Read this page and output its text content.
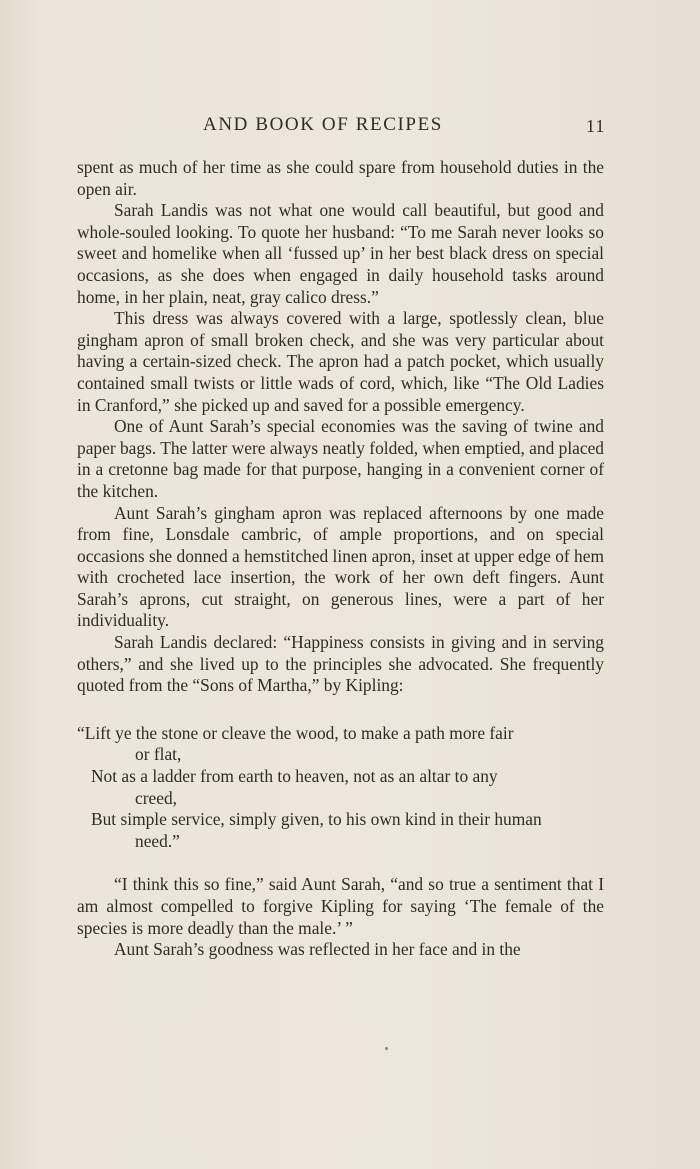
AND BOOK OF RECIPES	11

spent as much of her time as she could spare from household duties in the open air.

Sarah Landis was not what one would call beautiful, but good and whole-souled looking. To quote her husband: “To me Sarah never looks so sweet and homelike when all ‘fussed up’ in her best black dress on special occasions, as she does when engaged in daily household tasks around home, in her plain, neat, gray calico dress.”

This dress was always covered with a large, spotlessly clean, blue gingham apron of small broken check, and she was very particular about having a certain-sized check. The apron had a patch pocket, which usually contained small twists or little wads of cord, which, like “The Old Ladies in Cranford,” she picked up and saved for a possible emergency.

One of Aunt Sarah’s special economies was the saving of twine and paper bags. The latter were always neatly folded, when emptied, and placed in a cretonne bag made for that purpose, hanging in a convenient corner of the kitchen.

Aunt Sarah’s gingham apron was replaced afternoons by one made from fine, Lonsdale cambric, of ample proportions, and on special occasions she donned a hemstitched linen apron, inset at upper edge of hem with crocheted lace insertion, the work of her own deft fingers. Aunt Sarah’s aprons, cut straight, on generous lines, were a part of her individuality.

Sarah Landis declared: “Happiness consists in giving and in serving others,” and she lived up to the principles she advocated. She frequently quoted from the “Sons of Martha,” by Kipling:

“Lift ye the stone or cleave the wood, to make a path more fair
or flat,
Not as a ladder from earth to heaven, not as an altar to any
creed,
But simple service, simply given, to his own kind in their human
need.”

“I think this so fine,” said Aunt Sarah, “and so true a sentiment that I am almost compelled to forgive Kipling for saying ‘The female of the species is more deadly than the male.’ ”

Aunt Sarah’s goodness was reflected in her face and in the
